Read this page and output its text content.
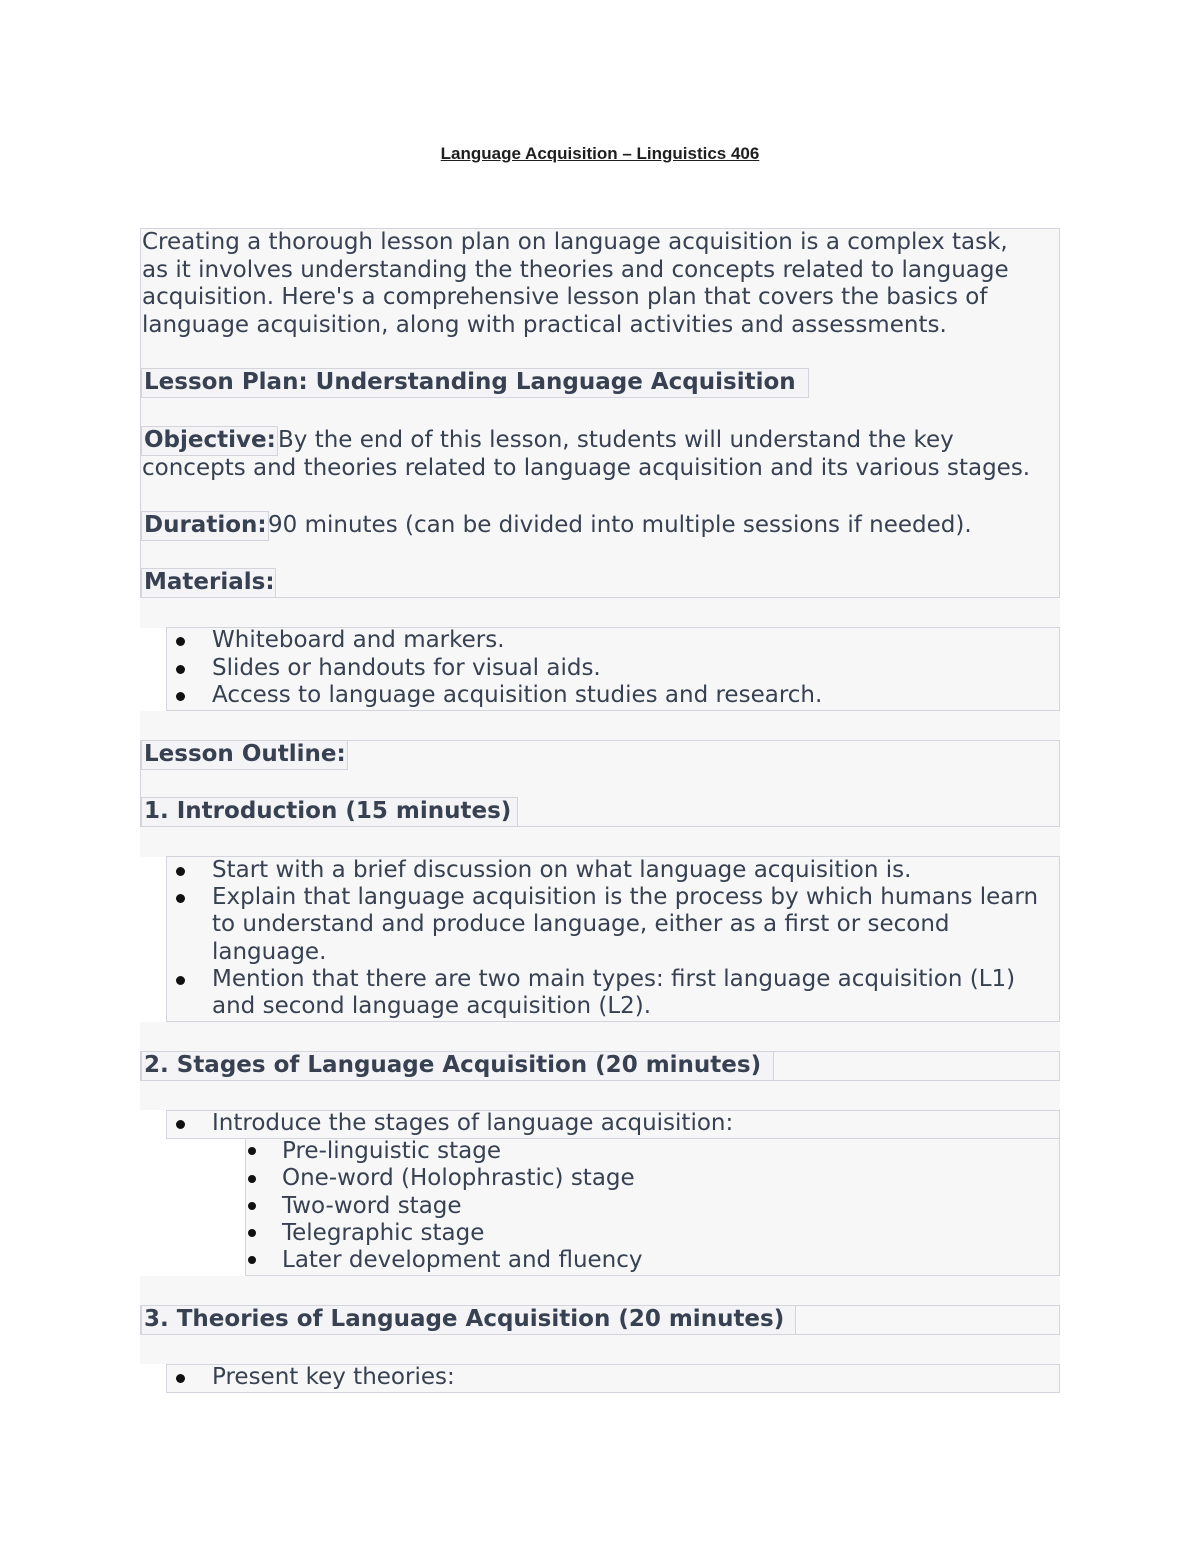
Language Acquisition – Linguistics 406
Creating a thorough lesson plan on language acquisition is a complex task,
as it involves understanding the theories and concepts related to language
acquisition. Here's a comprehensive lesson plan that covers the basics of
language acquisition, along with practical activities and assessments.
Lesson Plan: Understanding Language Acquisition
Objective: By the end of this lesson, students will understand the key
concepts and theories related to language acquisition and its various stages.
Duration: 90 minutes (can be divided into multiple sessions if needed).
Materials:
Whiteboard and markers.
Slides or handouts for visual aids.
Access to language acquisition studies and research.
Lesson Outline:
1. Introduction (15 minutes)
Start with a brief discussion on what language acquisition is.
Explain that language acquisition is the process by which humans learn
to understand and produce language, either as a first or second
language.
Mention that there are two main types: first language acquisition (L1)
and second language acquisition (L2).
2. Stages of Language Acquisition (20 minutes)
Introduce the stages of language acquisition:
Pre-linguistic stage
One-word (Holophrastic) stage
Two-word stage
Telegraphic stage
Later development and fluency
3. Theories of Language Acquisition (20 minutes)
Present key theories:
